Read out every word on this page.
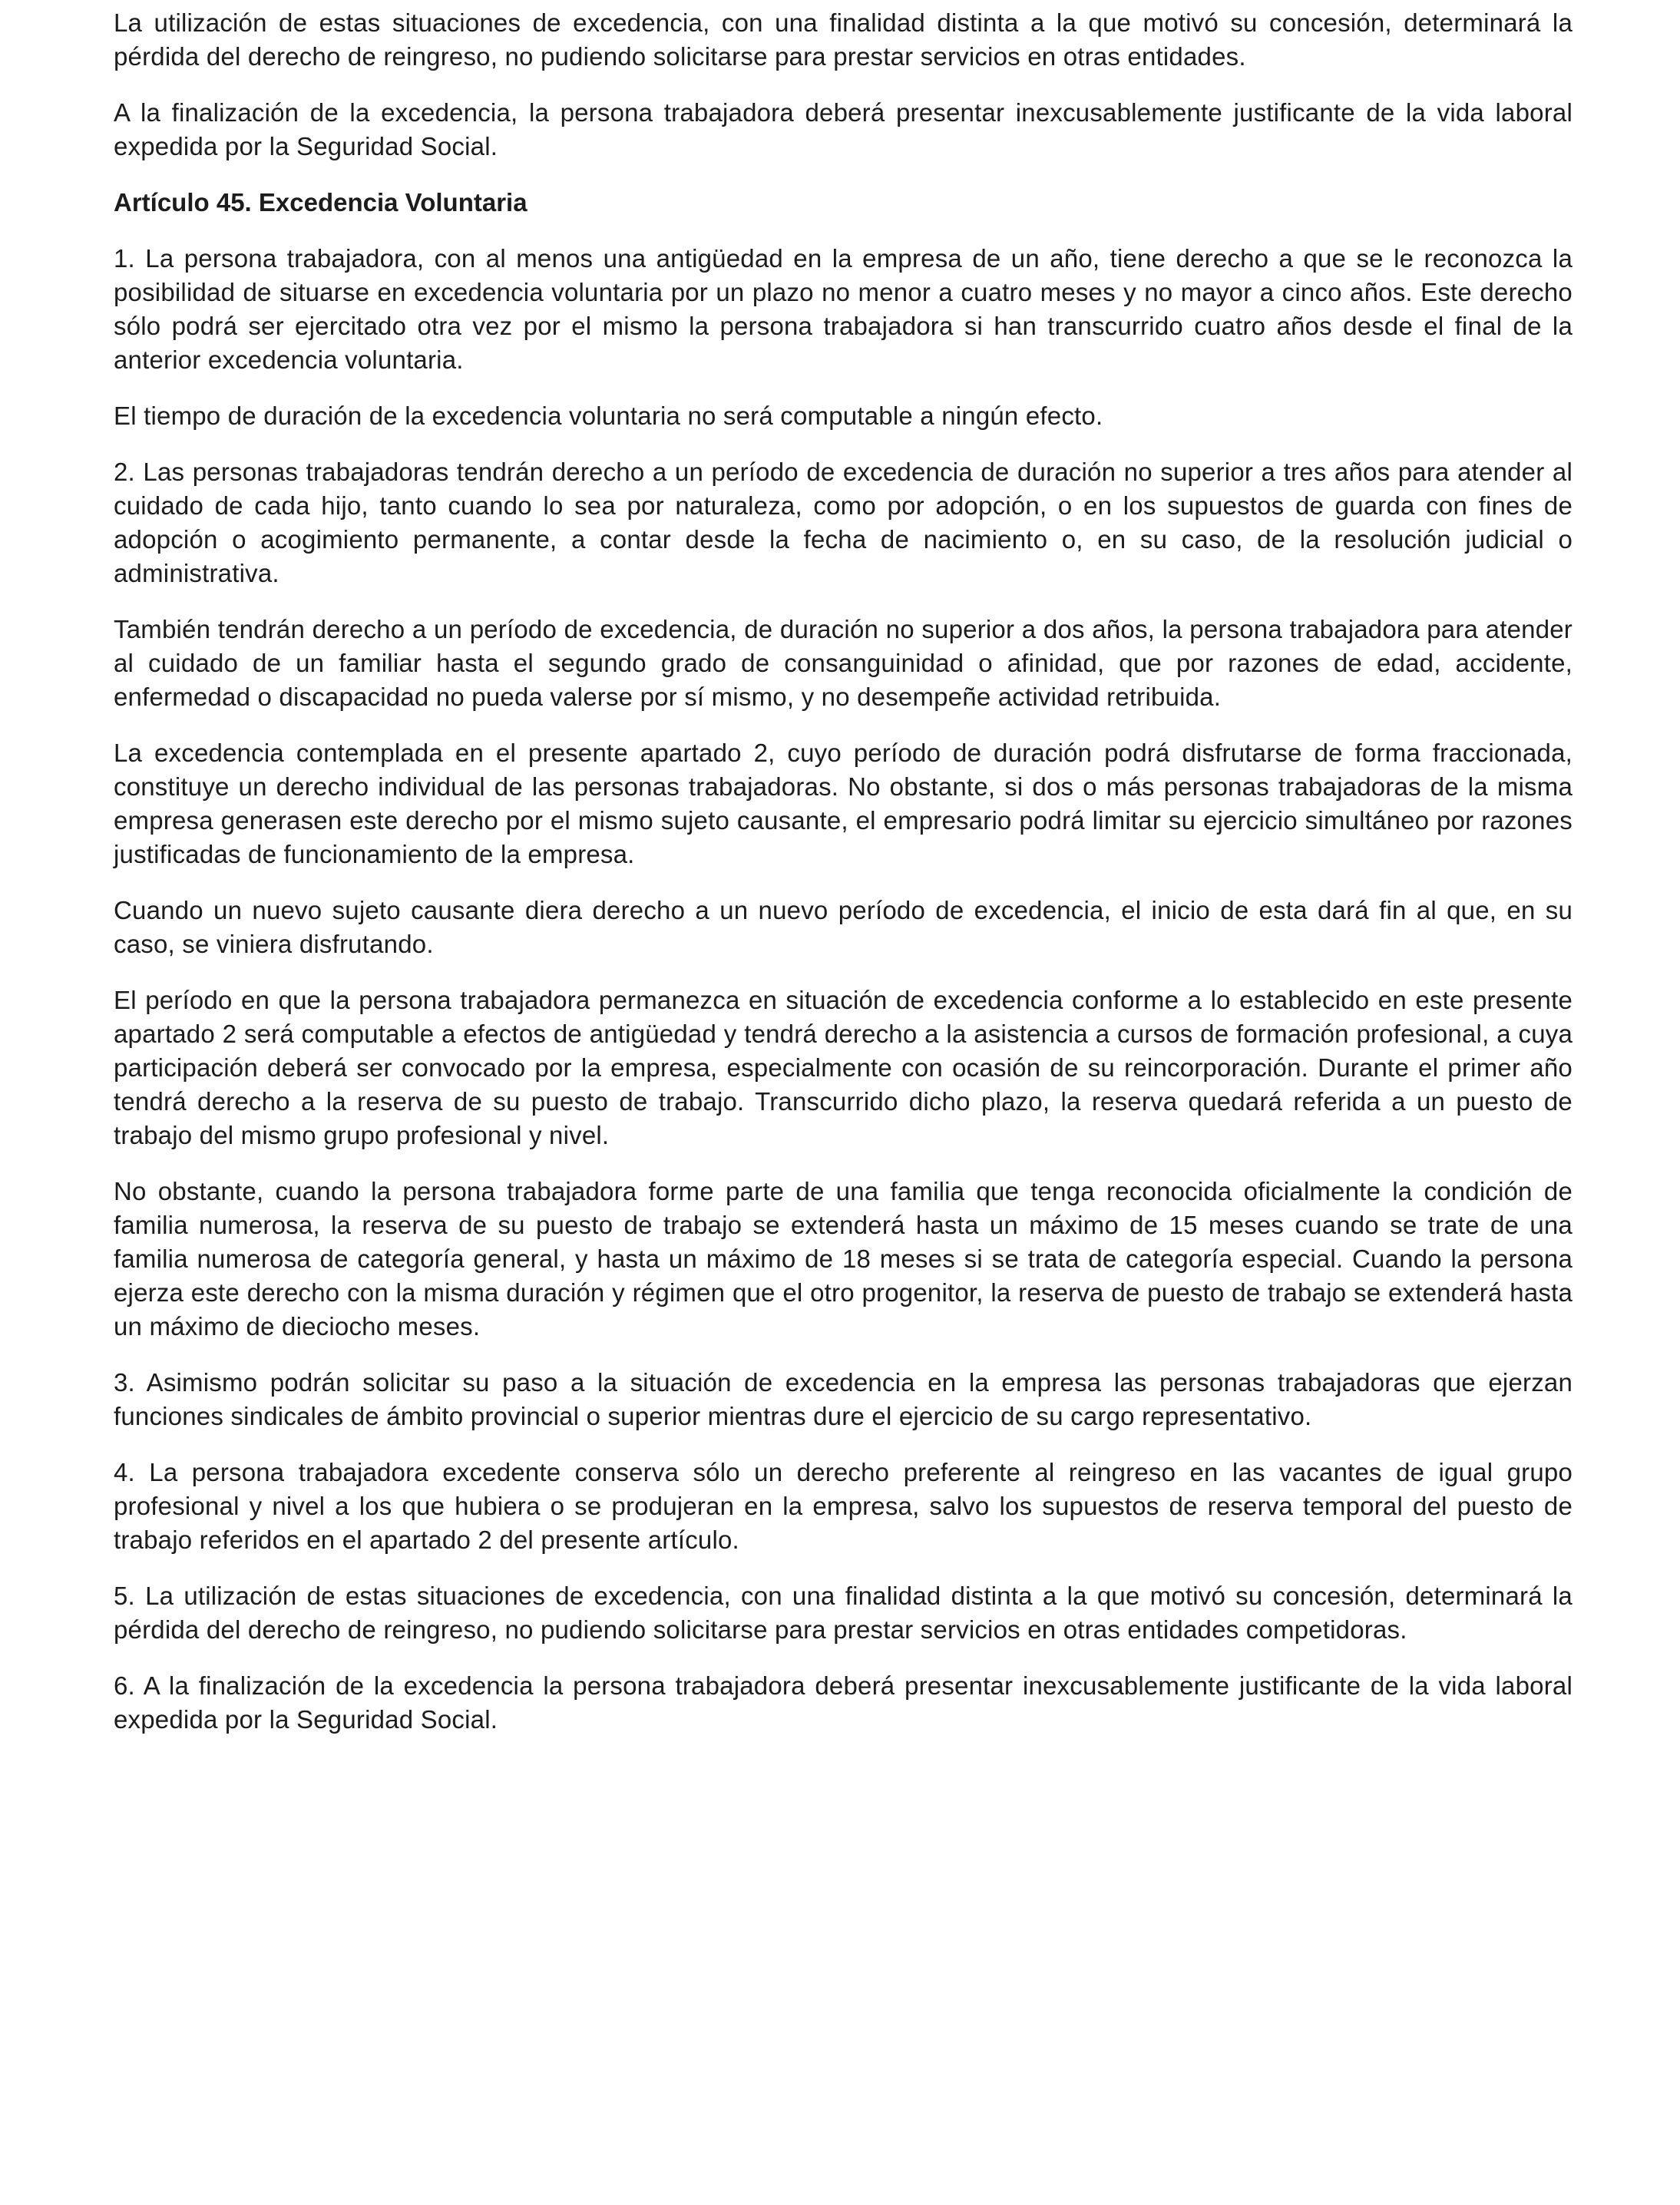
La utilización de estas situaciones de excedencia, con una finalidad distinta a la que motivó su concesión, determinará la pérdida del derecho de reingreso, no pudiendo solicitarse para prestar servicios en otras entidades.

A la finalización de la excedencia, la persona trabajadora deberá presentar inexcusablemente justificante de la vida laboral expedida por la Seguridad Social.

Artículo 45. Excedencia Voluntaria

1. La persona trabajadora, con al menos una antigüedad en la empresa de un año, tiene derecho a que se le reconozca la posibilidad de situarse en excedencia voluntaria por un plazo no menor a cuatro meses y no mayor a cinco años. Este derecho sólo podrá ser ejercitado otra vez por el mismo la persona trabajadora si han transcurrido cuatro años desde el final de la anterior excedencia voluntaria.

El tiempo de duración de la excedencia voluntaria no será computable a ningún efecto.

2. Las personas trabajadoras tendrán derecho a un período de excedencia de duración no superior a tres años para atender al cuidado de cada hijo, tanto cuando lo sea por naturaleza, como por adopción, o en los supuestos de guarda con fines de adopción o acogimiento permanente, a contar desde la fecha de nacimiento o, en su caso, de la resolución judicial o administrativa.

También tendrán derecho a un período de excedencia, de duración no superior a dos años, la persona trabajadora para atender al cuidado de un familiar hasta el segundo grado de consanguinidad o afinidad, que por razones de edad, accidente, enfermedad o discapacidad no pueda valerse por sí mismo, y no desempeñe actividad retribuida.

La excedencia contemplada en el presente apartado 2, cuyo período de duración podrá disfrutarse de forma fraccionada, constituye un derecho individual de las personas trabajadoras. No obstante, si dos o más personas trabajadoras de la misma empresa generasen este derecho por el mismo sujeto causante, el empresario podrá limitar su ejercicio simultáneo por razones justificadas de funcionamiento de la empresa.

Cuando un nuevo sujeto causante diera derecho a un nuevo período de excedencia, el inicio de esta dará fin al que, en su caso, se viniera disfrutando.

El período en que la persona trabajadora permanezca en situación de excedencia conforme a lo establecido en este presente apartado 2 será computable a efectos de antigüedad y tendrá derecho a la asistencia a cursos de formación profesional, a cuya participación deberá ser convocado por la empresa, especialmente con ocasión de su reincorporación. Durante el primer año tendrá derecho a la reserva de su puesto de trabajo. Transcurrido dicho plazo, la reserva quedará referida a un puesto de trabajo del mismo grupo profesional y nivel.

No obstante, cuando la persona trabajadora forme parte de una familia que tenga reconocida oficialmente la condición de familia numerosa, la reserva de su puesto de trabajo se extenderá hasta un máximo de 15 meses cuando se trate de una familia numerosa de categoría general, y hasta un máximo de 18 meses si se trata de categoría especial. Cuando la persona ejerza este derecho con la misma duración y régimen que el otro progenitor, la reserva de puesto de trabajo se extenderá hasta un máximo de dieciocho meses.

3. Asimismo podrán solicitar su paso a la situación de excedencia en la empresa las personas trabajadoras que ejerzan funciones sindicales de ámbito provincial o superior mientras dure el ejercicio de su cargo representativo.

4. La persona trabajadora excedente conserva sólo un derecho preferente al reingreso en las vacantes de igual grupo profesional y nivel a los que hubiera o se produjeran en la empresa, salvo los supuestos de reserva temporal del puesto de trabajo referidos en el apartado 2 del presente artículo.

5. La utilización de estas situaciones de excedencia, con una finalidad distinta a la que motivó su concesión, determinará la pérdida del derecho de reingreso, no pudiendo solicitarse para prestar servicios en otras entidades competidoras.

6. A la finalización de la excedencia la persona trabajadora deberá presentar inexcusablemente justificante de la vida laboral expedida por la Seguridad Social.
